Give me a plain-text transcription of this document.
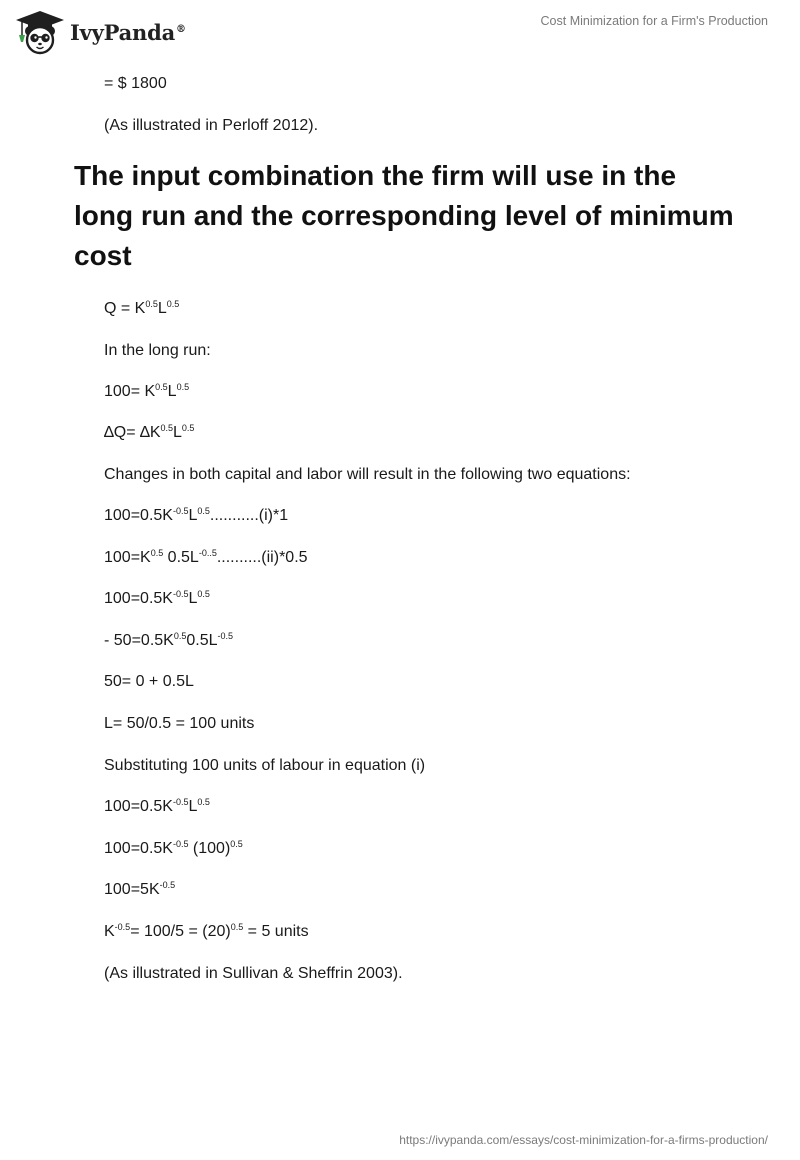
IvyPanda®
Cost Minimization for a Firm's Production
= $ 1800
(As illustrated in Perloff 2012).
The input combination the firm will use in the long run and the corresponding level of minimum cost
$Q = K^{0.5}L^{0.5}$
In the long run:
$100= K^{0.5}L^{0.5}$
$\Delta Q= \Delta K^{0.5}L^{0.5}$
Changes in both capital and labor will result in the following two equations:
$100=0.5K^{-0.5}L^{0.5}...........(i)*1$
$100=K^{0.5}$ $0.5L^{-0..5}..........(ii)*0.5$
$100=0.5K^{-0.5}L^{0.5}$
- $50=0.5K^{0.5}0.5L^{-0.5}$
50= 0 + 0.5L
L= 50/0.5 = 100 units
Substituting 100 units of labour in equation (i)
$100=0.5K^{-0.5}L^{0.5}$
$100=0.5K^{-0.5}$ $(100)^{0.5}$
$100=5K^{-0.5}$
$K^{-0.5}= 100/5 = (20)^{0.5} = 5$ units
(As illustrated in Sullivan & Sheffrin 2003).
https://ivypanda.com/essays/cost-minimization-for-a-firms-production/
